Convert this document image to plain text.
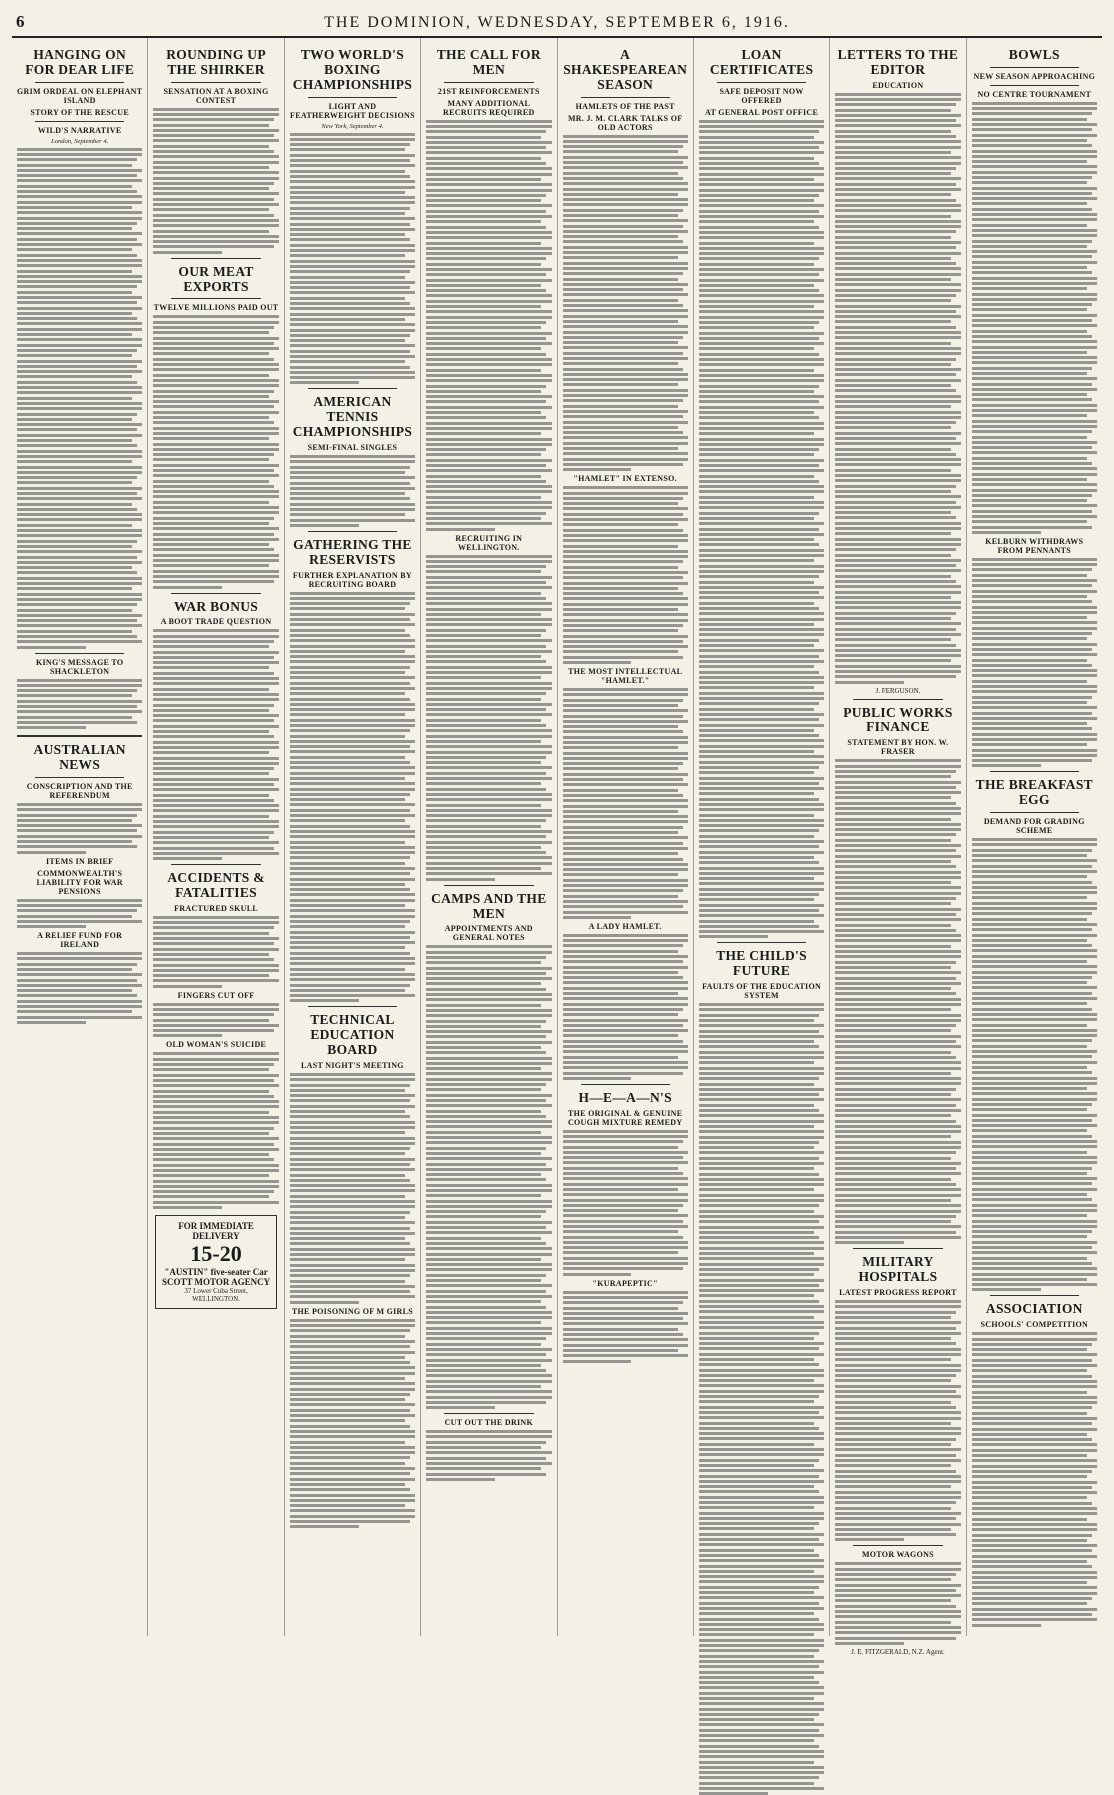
6	THE DOMINION, WEDNESDAY, SEPTEMBER 6, 1916.
HANGING ON FOR DEAR LIFE
GRIM ORDEAL ON ELEPHANT ISLAND
STORY OF THE RESCUE
WILD'S NARRATIVE
London, September 4.
KING'S MESSAGE TO SHACKLETON
AUSTRALIAN NEWS
CONSCRIPTION AND THE REFERENDUM
ITEMS IN BRIEF
COMMONWEALTH'S LIABILITY FOR WAR PENSIONS
A RELIEF FUND FOR IRELAND
ROUNDING UP THE SHIRKER
SENSATION AT A BOXING CONTEST
OUR MEAT EXPORTS
TWELVE MILLIONS PAID OUT
WAR BONUS
A BOOT TRADE QUESTION
ACCIDENTS & FATALITIES
FRACTURED SKULL
FINGERS CUT OFF
OLD WOMAN'S SUICIDE
FOR IMMEDIATE DELIVERY
15-20
"AUSTIN" five-seater Car
SCOTT MOTOR AGENCY
37 Lower Cuba Street, WELLINGTON.
TWO WORLD'S BOXING CHAMPIONSHIPS
LIGHT AND FEATHERWEIGHT DECISIONS
New York, September 4.
AMERICAN TENNIS CHAMPIONSHIPS
SEMI-FINAL SINGLES
GATHERING THE RESERVISTS
FURTHER EXPLANATION BY RECRUITING BOARD
TECHNICAL EDUCATION BOARD
LAST NIGHT'S MEETING
THE POISONING OF M GIRLS
THE CALL FOR MEN
21ST REINFORCEMENTS
MANY ADDITIONAL RECRUITS REQUIRED
RECRUITING IN WELLINGTON.
CAMPS AND THE MEN
APPOINTMENTS AND GENERAL NOTES
CUT OUT THE DRINK
A SHAKESPEAREAN SEASON
HAMLETS OF THE PAST
MR. J. M. CLARK TALKS OF OLD ACTORS
"HAMLET" IN EXTENSO.
THE MOST INTELLECTUAL "HAMLET."
A LADY HAMLET.
H—E—A—N'S
THE ORIGINAL & GENUINE COUGH MIXTURE REMEDY
"KURAPEPTIC"
LOAN CERTIFICATES
SAFE DEPOSIT NOW OFFERED
AT GENERAL POST OFFICE
THE CHILD'S FUTURE
FAULTS OF THE EDUCATION SYSTEM
LETTERS TO THE EDITOR
EDUCATION
J. FERGUSON.
PUBLIC WORKS FINANCE
STATEMENT BY HON. W. FRASER
MILITARY HOSPITALS
LATEST PROGRESS REPORT
MOTOR WAGONS
J. E. FITZGERALD, N.Z. Agent.
BOWLS
NEW SEASON APPROACHING
NO CENTRE TOURNAMENT
KELBURN WITHDRAWS FROM PENNANTS
THE BREAKFAST EGG
DEMAND FOR GRADING SCHEME
ASSOCIATION
SCHOOLS' COMPETITION
